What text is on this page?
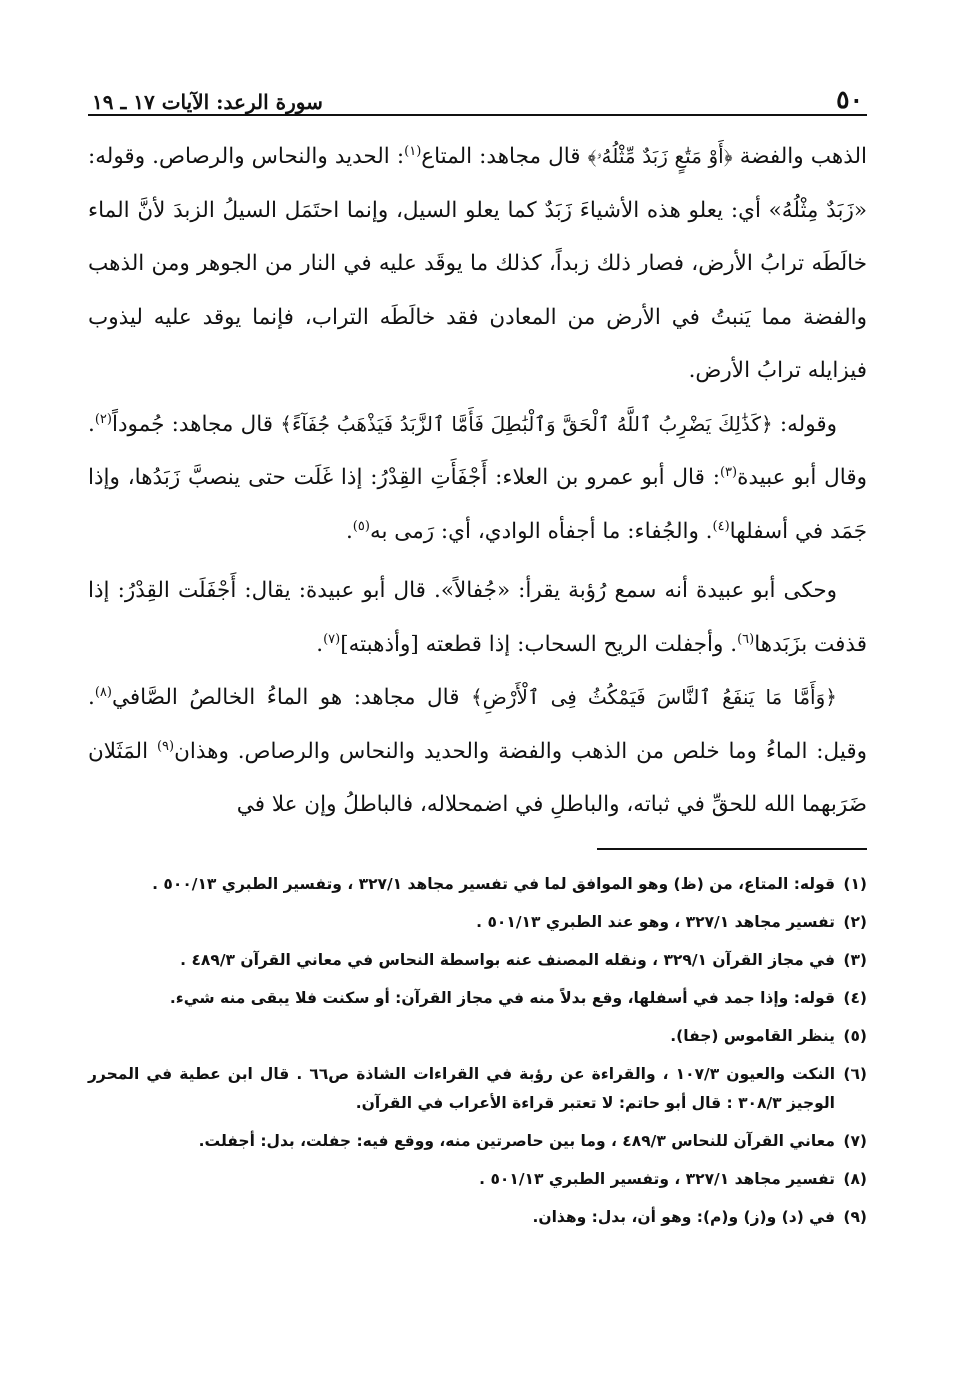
٥٠
سورة الرعد: الآيات ١٧ ـ ١٩

الذهب والفضة ﴿أَوْ مَتَٰعٍ زَبَدٌ مِّثْلُهُۥ﴾ قال مجاهد: المتاع$^{(١)}$: الحديد والنحاس والرصاص. وقوله: «زَبَدٌ مِثْلُهُ» أي: يعلو هذه الأشياءَ زَبَدٌ كما يعلو السيل، وإنما احتَمَل السيلُ الزبدَ لأنَّ الماء خالَطَه ترابُ الأرض، فصار ذلك زبداً، كذلك ما يوقَد عليه في النار من الجوهر ومن الذهب والفضة مما يَنبتُ في الأرض من المعادن فقد خالَطَه التراب، فإنما يوقد عليه ليذوب فيزايله ترابُ الأرض.

وقوله: ﴿كَذَٰلِكَ يَضْرِبُ ٱللَّهُ ٱلْحَقَّ وَٱلْبَٰطِلَ فَأَمَّا ٱلزَّبَدُ فَيَذْهَبُ جُفَآءً﴾ قال مجاهد: جُموداً$^{(٢)}$. وقال أبو عبيدة$^{(٣)}$: قال أبو عمرو بن العلاء: أَجْفَأَتِ القِدْرُ: إذا غَلَت حتى ينصبَّ زَبَدُها، وإذا جَمَد في أسفلها$^{(٤)}$. والجُفاء: ما أجفأه الوادي، أي: رَمى به$^{(٥)}$.

وحكى أبو عبيدة أنه سمع رُؤبة يقرأ: «جُفالاً». قال أبو عبيدة: يقال: أَجْفَلَت القِدْرُ: إذا قذفت بزَبَدها$^{(٦)}$. وأجفلت الريح السحاب: إذا قطعته [وأذهبته]$^{(٧)}$.

﴿وَأَمَّا مَا يَنفَعُ ٱلنَّاسَ فَيَمْكُثُ فِى ٱلْأَرْضِ﴾ قال مجاهد: هو الماءُ الخالصُ الصَّافي$^{(٨)}$. وقيل: الماءُ وما خلص من الذهب والفضة والحديد والنحاس والرصاص. وهذان$^{(٩)}$ المَثَلان ضَرَبهما الله للحقِّ في ثباته، والباطلِ في اضمحلاله، فالباطلُ وإن علا في

(١)
قوله: المتاع، من (ظ) وهو الموافق لما في تفسير مجاهد ٣٢٧/١ ، وتفسير الطبري ٥٠٠/١٣ .
(٢)
تفسير مجاهد ٣٢٧/١ ، وهو عند الطبري ٥٠١/١٣ .
(٣)
في مجاز القرآن ٣٢٩/١ ، ونقله المصنف عنه بواسطة النحاس في معاني القرآن ٤٨٩/٣ .
(٤)
قوله: وإذا جمد في أسفلها، وقع بدلاً منه في مجاز القرآن: أو سكنت فلا يبقى منه شيء.
(٥)
ينظر القاموس (جفا).
(٦)
النكت والعيون ١٠٧/٣ ، والقراءة عن رؤبة في القراءات الشاذة ص٦٦ . قال ابن عطية في المحرر الوجيز ٣٠٨/٣ : قال أبو حاتم: لا تعتبر قراءة الأعراب في القرآن.
(٧)
معاني القرآن للنحاس ٤٨٩/٣ ، وما بين حاصرتين منه، ووقع فيه: جفلت، بدل: أجفلت.
(٨)
تفسير مجاهد ٣٢٧/١ ، وتفسير الطبري ٥٠١/١٣ .
(٩)
في (د) و(ز) و(م): وهو أن، بدل: وهذان.
